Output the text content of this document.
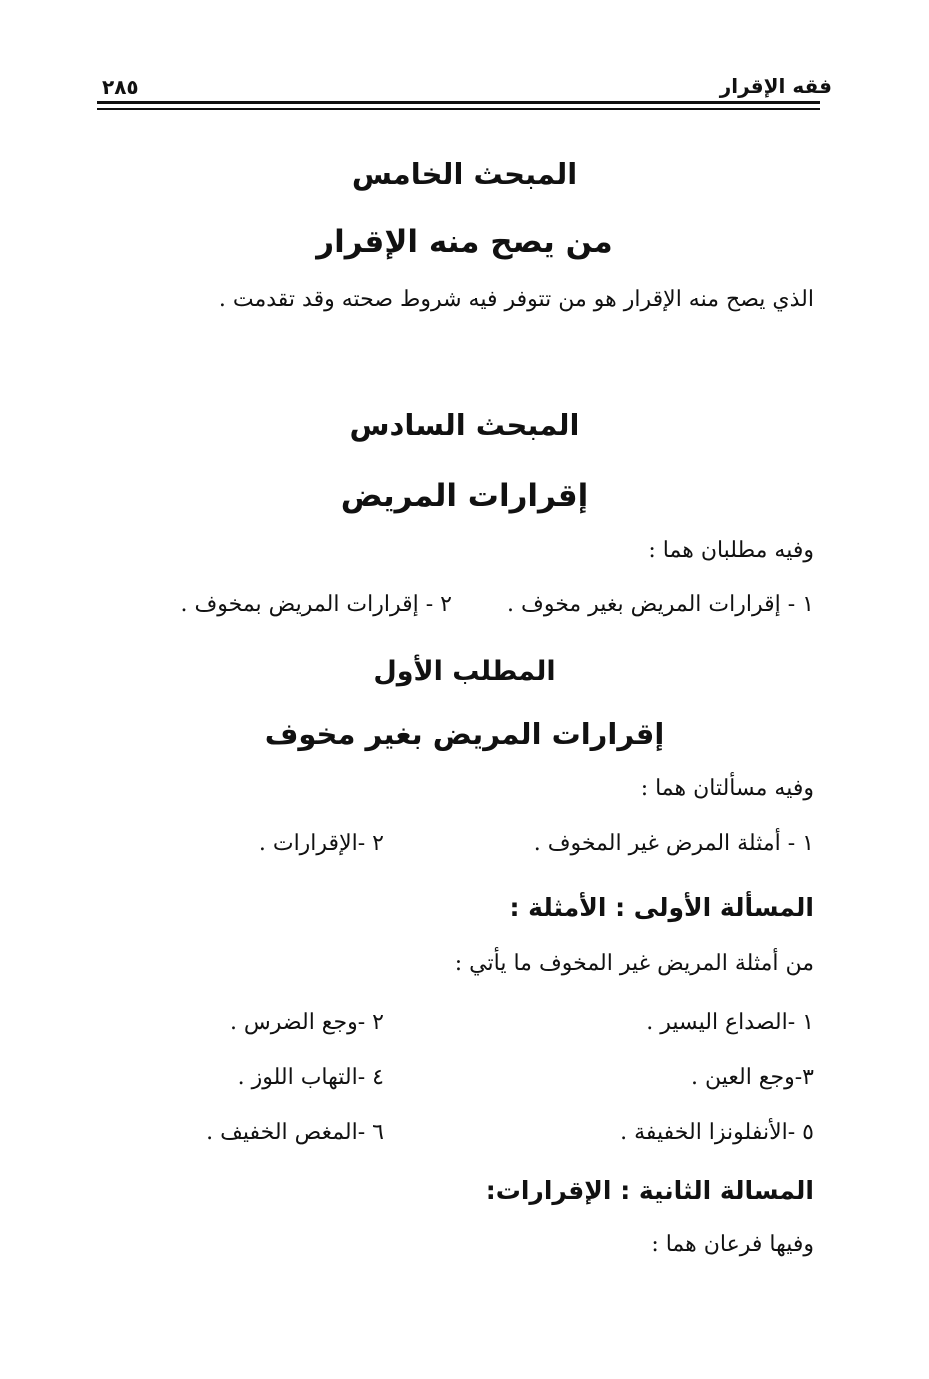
فقه الإقرار
٢٨٥
المبحث الخامس
من يصح منه الإقرار
الذي يصح منه الإقرار هو من تتوفر فيه شروط صحته وقد تقدمت .
المبحث السادس
إقرارات المريض
وفيه مطلبان هما :
١ - إقرارات المريض بغير مخوف .
٢ - إقرارات المريض بمخوف .
المطلب الأول
إقرارات المريض بغير مخوف
وفيه مسألتان هما :
١ - أمثلة المرض غير المخوف .
٢ -الإقرارات .
المسألة الأولى : الأمثلة :
من أمثلة المريض غير المخوف ما يأتي :
١ -الصداع اليسير .
٢ -وجع الضرس .
٣-وجع العين .
٤ -التهاب اللوز .
٥ -الأنفلونزا الخفيفة .
٦ -المغص الخفيف .
المسالة الثانية : الإقرارات:
وفيها فرعان هما :
